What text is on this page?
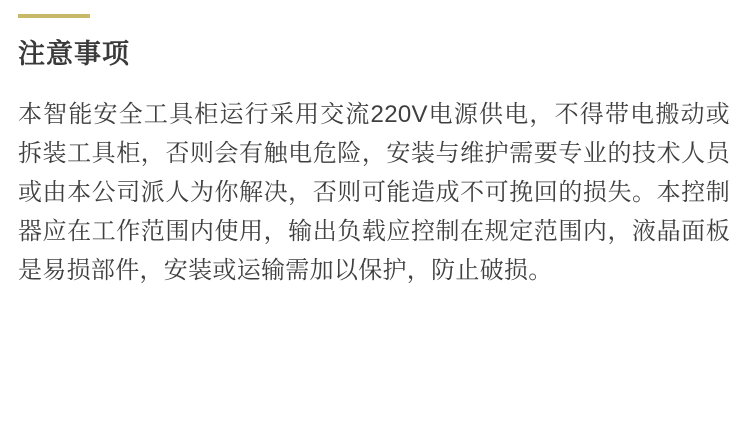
注意事项

本智能安全工具柜运行采用交流220V电源供电，不得带电搬动或拆装工具柜，否则会有触电危险，安装与维护需要专业的技术人员或由本公司派人为你解决，否则可能造成不可挽回的损失。本控制器应在工作范围内使用，输出负载应控制在规定范围内，液晶面板是易损部件，安装或运输需加以保护，防止破损。
